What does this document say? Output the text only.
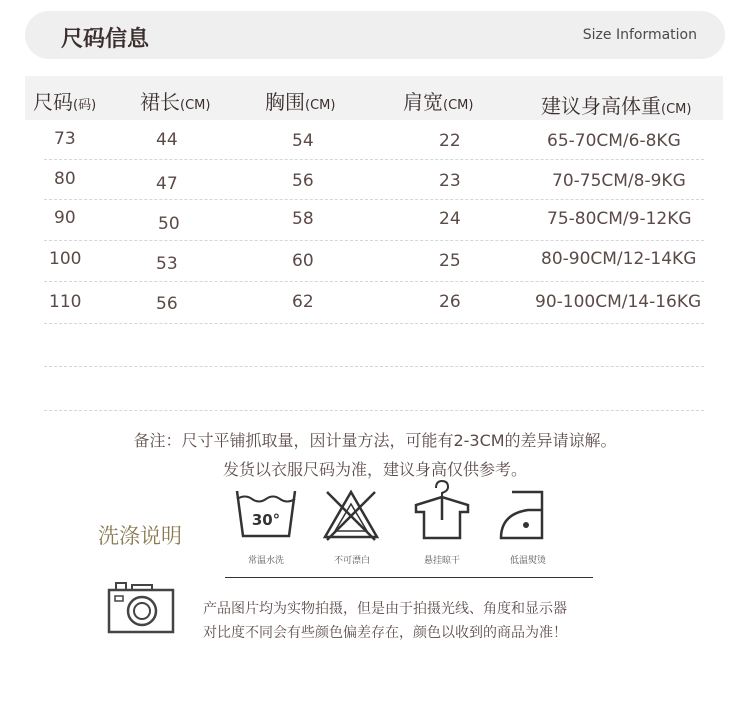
尺码信息	Size Information
尺码(码) 裙长(CM)	胸围(CM)	肩宽(CM)	建议身高体重(CM)
73	44	54	22	65-70CM/6-8KG
80	47	56	23	70-75CM/8-9KG
90	50	58	24	75-80CM/9-12KG
100	53	60	25	80-90CM/12-14KG
110	56	62	26	90-100CM/14-16KG
备注：尺寸平铺抓取量，因计量方法，可能有2-3CM的差异请谅解。
发货以衣服尺码为准，建议身高仅供参考。
洗涤说明
30°
常温水洗	不可漂白	悬挂晾干	低温熨烫
产品图片均为实物拍摄，但是由于拍摄光线、角度和显示器
对比度不同会有些颜色偏差存在，颜色以收到的商品为准！
